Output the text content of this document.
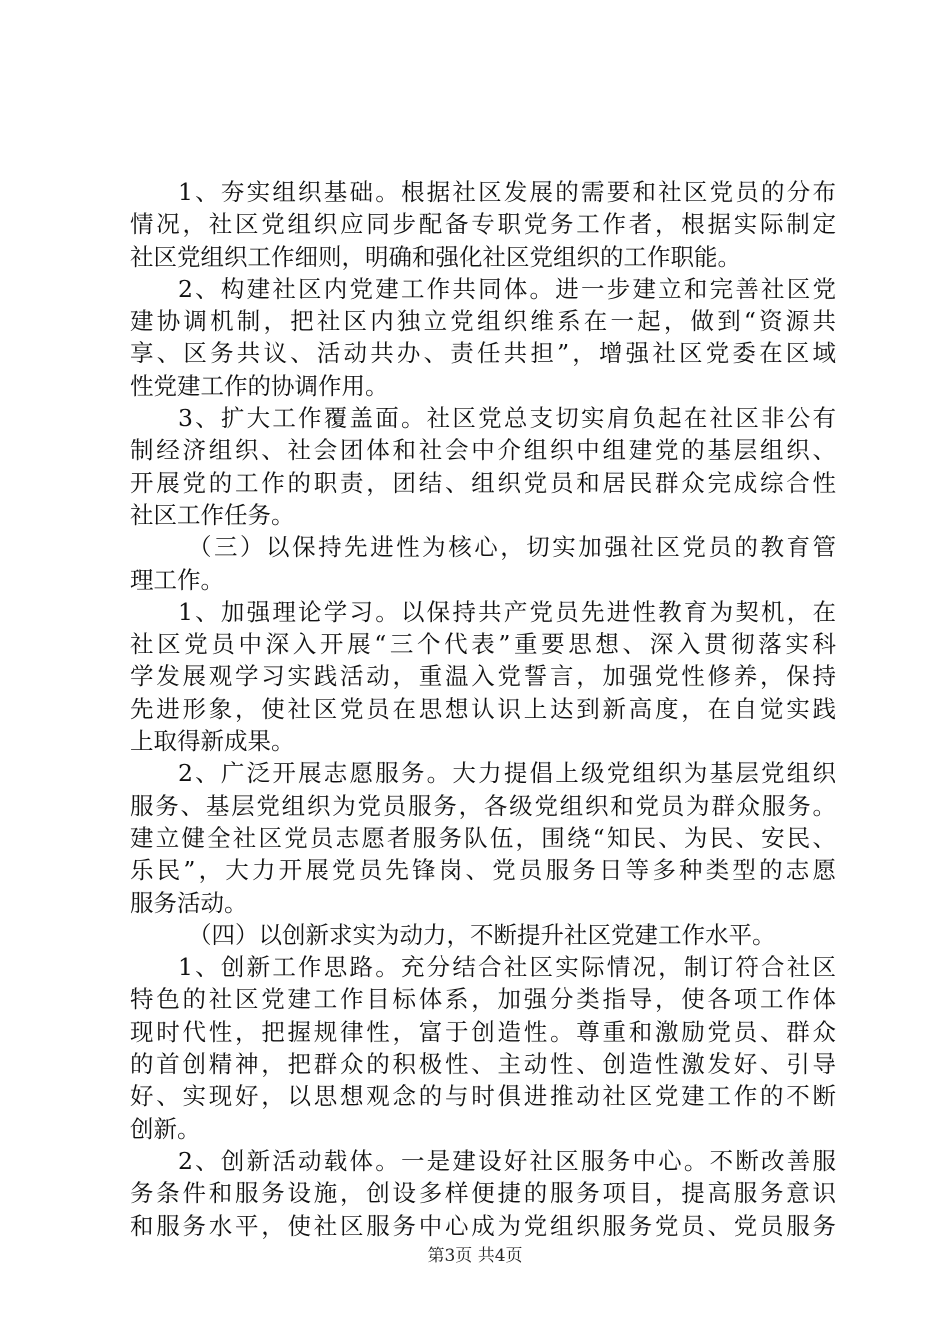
1、夯实组织基础。根据社区发展的需要和社区党员的分布
情况，社区党组织应同步配备专职党务工作者，根据实际制定
社区党组织工作细则，明确和强化社区党组织的工作职能。
2、构建社区内党建工作共同体。进一步建立和完善社区党
建协调机制，把社区内独立党组织维系在一起，做到“资源共
享、区务共议、活动共办、责任共担”，增强社区党委在区域
性党建工作的协调作用。
3、扩大工作覆盖面。社区党总支切实肩负起在社区非公有
制经济组织、社会团体和社会中介组织中组建党的基层组织、
开展党的工作的职责，团结、组织党员和居民群众完成综合性
社区工作任务。
（三）以保持先进性为核心，切实加强社区党员的教育管
理工作。
1、加强理论学习。以保持共产党员先进性教育为契机，在
社区党员中深入开展“三个代表”重要思想、深入贯彻落实科
学发展观学习实践活动，重温入党誓言，加强党性修养，保持
先进形象，使社区党员在思想认识上达到新高度，在自觉实践
上取得新成果。
2、广泛开展志愿服务。大力提倡上级党组织为基层党组织
服务、基层党组织为党员服务，各级党组织和党员为群众服务。
建立健全社区党员志愿者服务队伍，围绕“知民、为民、安民、
乐民”，大力开展党员先锋岗、党员服务日等多种类型的志愿
服务活动。
（四）以创新求实为动力，不断提升社区党建工作水平。
1、创新工作思路。充分结合社区实际情况，制订符合社区
特色的社区党建工作目标体系，加强分类指导，使各项工作体
现时代性，把握规律性，富于创造性。尊重和激励党员、群众
的首创精神，把群众的积极性、主动性、创造性激发好、引导
好、实现好，以思想观念的与时俱进推动社区党建工作的不断
创新。
2、创新活动载体。一是建设好社区服务中心。不断改善服
务条件和服务设施，创设多样便捷的服务项目，提高服务意识
和服务水平，使社区服务中心成为党组织服务党员、党员服务
第3页 共4页
